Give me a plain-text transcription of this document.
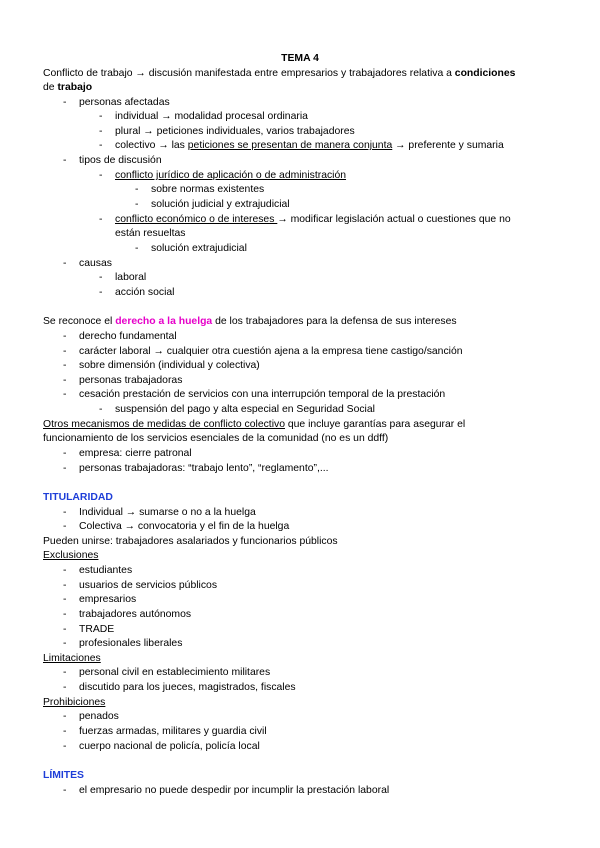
TEMA 4
Conflicto de trabajo → discusión manifestada entre empresarios y trabajadores relativa a condiciones
de trabajo
- personas afectadas
- individual → modalidad procesal ordinaria
- plural → peticiones individuales, varios trabajadores
- colectivo → las peticiones se presentan de manera conjunta → preferente y sumaria
- tipos de discusión
- conflicto jurídico de aplicación o de administración
- sobre normas existentes
- solución judicial y extrajudicial
- conflicto económico o de intereses → modificar legislación actual o cuestiones que no
están resueltas
- solución extrajudicial
- causas
- laboral
- acción social
Se reconoce el derecho a la huelga de los trabajadores para la defensa de sus intereses
- derecho fundamental
- carácter laboral → cualquier otra cuestión ajena a la empresa tiene castigo/sanción
- sobre dimensión (individual y colectiva)
- personas trabajadoras
- cesación prestación de servicios con una interrupción temporal de la prestación
- suspensión del pago y alta especial en Seguridad Social
Otros mecanismos de medidas de conflicto colectivo que incluye garantías para asegurar el
funcionamiento de los servicios esenciales de la comunidad (no es un ddff)
- empresa: cierre patronal
- personas trabajadoras: “trabajo lento”, “reglamento”,...
TITULARIDAD
- Individual → sumarse o no a la huelga
- Colectiva → convocatoria y el fin de la huelga
Pueden unirse: trabajadores asalariados y funcionarios públicos
Exclusiones
- estudiantes
- usuarios de servicios públicos
- empresarios
- trabajadores autónomos
- TRADE
- profesionales liberales
Limitaciones
- personal civil en establecimiento militares
- discutido para los jueces, magistrados, fiscales
Prohibiciones
- penados
- fuerzas armadas, militares y guardia civil
- cuerpo nacional de policía, policía local
LÍMITES
- el empresario no puede despedir por incumplir la prestación laboral
